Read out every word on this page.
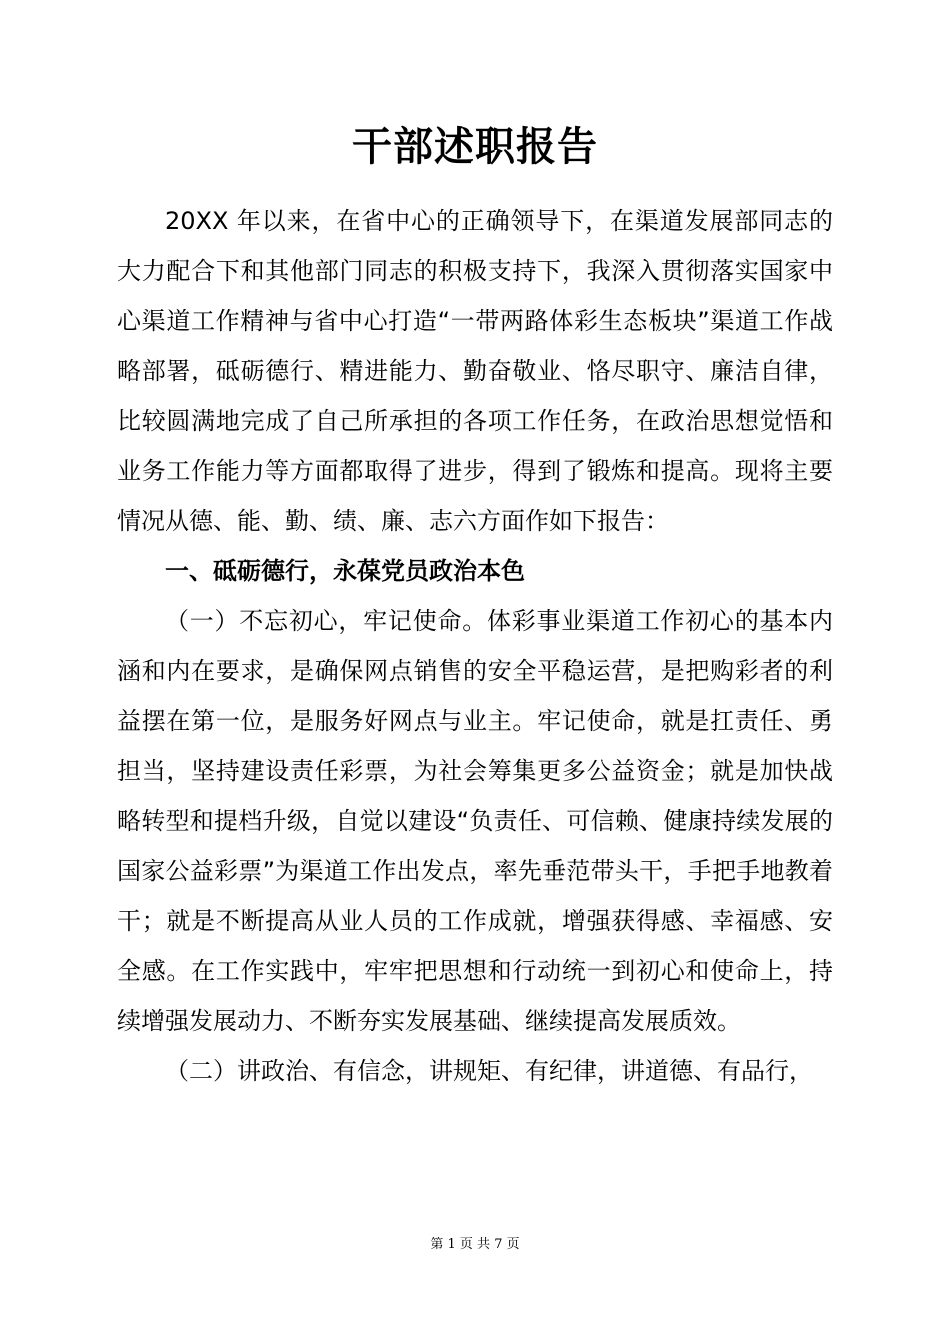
干部述职报告

20XX 年以来，在省中心的正确领导下，在渠道发展部同志的大力配合下和其他部门同志的积极支持下，我深入贯彻落实国家中心渠道工作精神与省中心打造“一带两路体彩生态板块”渠道工作战略部署，砥砺德行、精进能力、勤奋敬业、恪尽职守、廉洁自律，比较圆满地完成了自己所承担的各项工作任务，在政治思想觉悟和业务工作能力等方面都取得了进步，得到了锻炼和提高。现将主要情况从德、能、勤、绩、廉、志六方面作如下报告：

一、砥砺德行，永葆党员政治本色

（一）不忘初心，牢记使命。体彩事业渠道工作初心的基本内涵和内在要求，是确保网点销售的安全平稳运营，是把购彩者的利益摆在第一位，是服务好网点与业主。牢记使命，就是扛责任、勇担当，坚持建设责任彩票，为社会筹集更多公益资金；就是加快战略转型和提档升级，自觉以建设“负责任、可信赖、健康持续发展的国家公益彩票”为渠道工作出发点，率先垂范带头干，手把手地教着干；就是不断提高从业人员的工作成就，增强获得感、幸福感、安全感。在工作实践中，牢牢把思想和行动统一到初心和使命上，持续增强发展动力、不断夯实发展基础、继续提高发展质效。

（二）讲政治、有信念，讲规矩、有纪律，讲道德、有品行，

第 1 页 共 7 页
